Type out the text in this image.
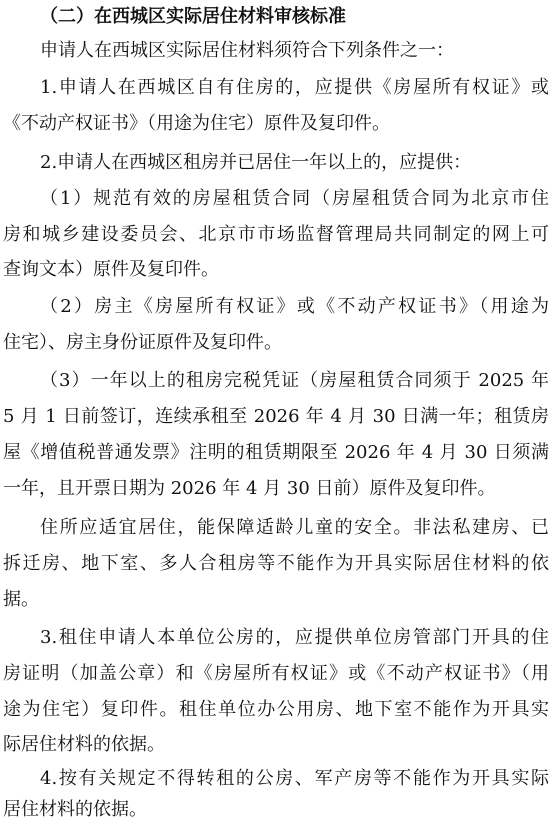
（二）在西城区实际居住材料审核标准
申请人在西城区实际居住材料须符合下列条件之一：
1.申请人在西城区自有住房的，应提供《房屋所有权证》或
《不动产权证书》（用途为住宅）原件及复印件。
2.申请人在西城区租房并已居住一年以上的，应提供：
（1）规范有效的房屋租赁合同（房屋租赁合同为北京市住
房和城乡建设委员会、北京市市场监督管理局共同制定的网上可
查询文本）原件及复印件。
（2）房主《房屋所有权证》或《不动产权证书》（用途为
住宅）、房主身份证原件及复印件。
（3）一年以上的租房完税凭证（房屋租赁合同须于 2025 年
5 月 1 日前签订，连续承租至 2026 年 4 月 30 日满一年；租赁房
屋《增值税普通发票》注明的租赁期限至 2026 年 4 月 30 日须满
一年，且开票日期为 2026 年 4 月 30 日前）原件及复印件。
住所应适宜居住，能保障适龄儿童的安全。非法私建房、已
拆迁房、地下室、多人合租房等不能作为开具实际居住材料的依
据。
3.租住申请人本单位公房的，应提供单位房管部门开具的住
房证明（加盖公章）和《房屋所有权证》或《不动产权证书》（用
途为住宅）复印件。租住单位办公用房、地下室不能作为开具实
际居住材料的依据。
4.按有关规定不得转租的公房、军产房等不能作为开具实际
居住材料的依据。
